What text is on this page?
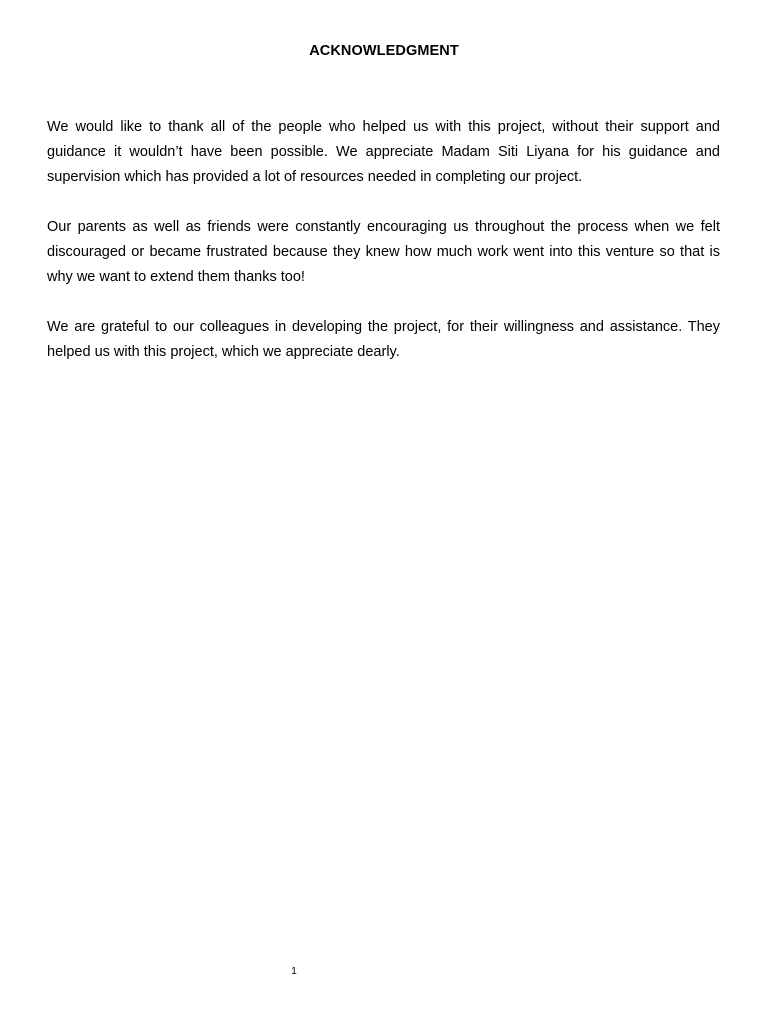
ACKNOWLEDGMENT

We would like to thank all of the people who helped us with this project, without their support and guidance it wouldn’t have been possible. We appreciate Madam Siti Liyana for his guidance and supervision which has provided a lot of resources needed in completing our project.

Our parents as well as friends were constantly encouraging us throughout the process when we felt discouraged or became frustrated because they knew how much work went into this venture so that is why we want to extend them thanks too!

We are grateful to our colleagues in developing the project, for their willingness and assistance. They helped us with this project, which we appreciate dearly.

1
